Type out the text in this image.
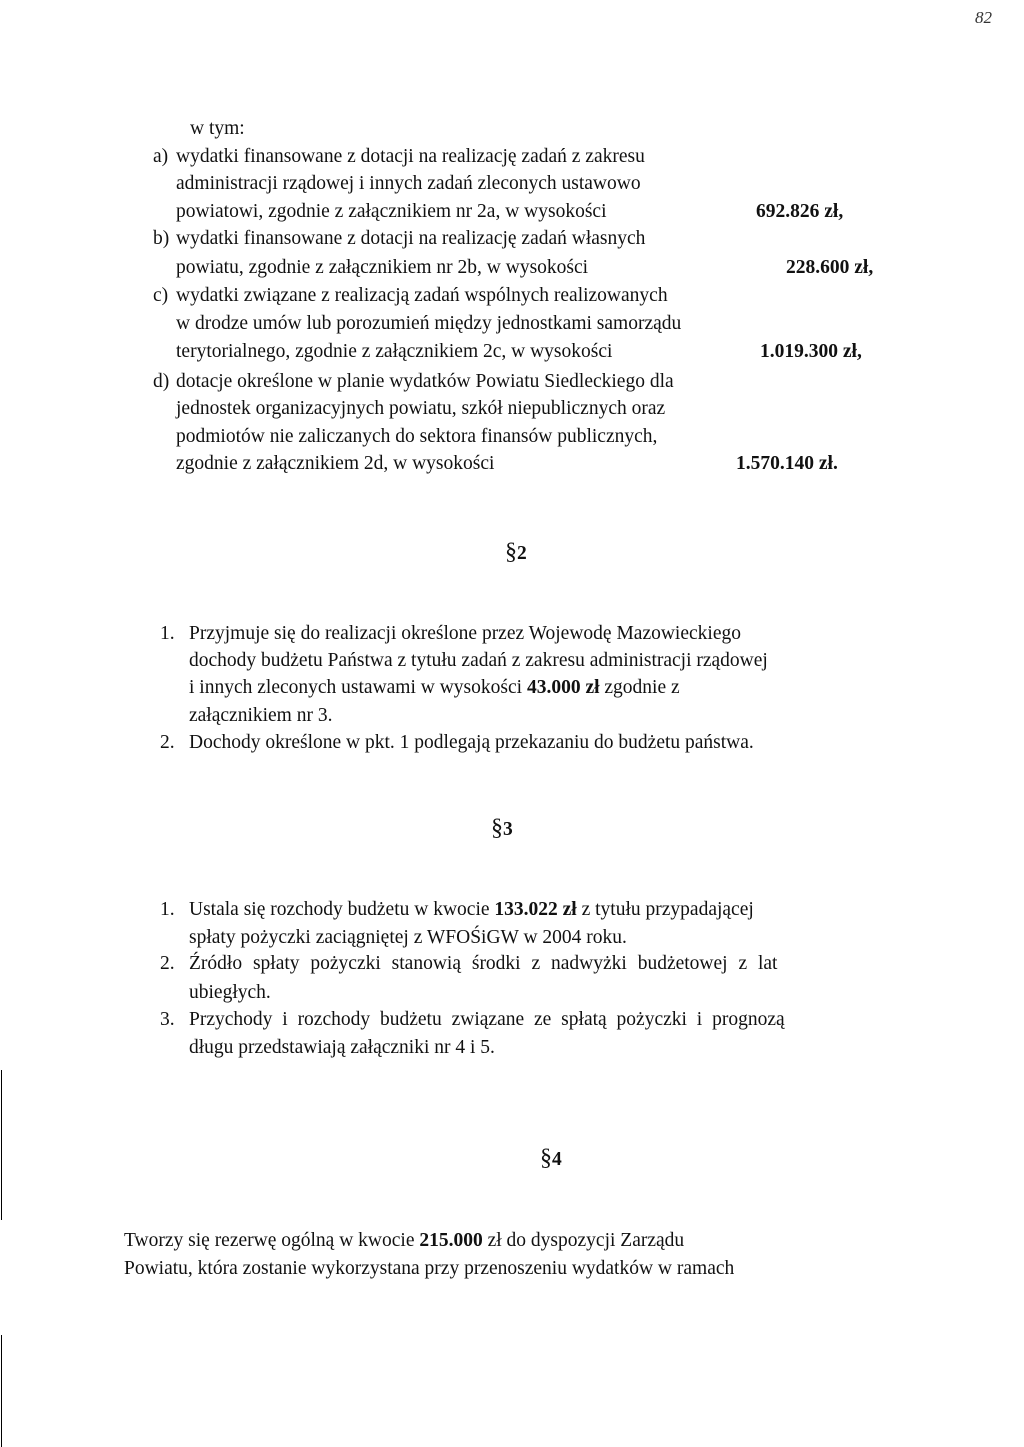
82
w tym:
a) wydatki finansowane z dotacji na realizację zadań z zakresu
administracji rządowej i innych zadań zleconych ustawowo
powiatowi, zgodnie z załącznikiem nr 2a, w wysokości	692.826 zł,
b) wydatki finansowane z dotacji na realizację zadań własnych
powiatu, zgodnie z załącznikiem nr 2b, w wysokości	228.600 zł,
c) wydatki związane z realizacją zadań wspólnych realizowanych
w drodze umów lub porozumień między jednostkami samorządu
terytorialnego, zgodnie z załącznikiem 2c, w wysokości	1.019.300 zł,
d) dotacje określone w planie wydatków Powiatu Siedleckiego dla
jednostek organizacyjnych powiatu, szkół niepublicznych oraz
podmiotów nie zaliczanych do sektora finansów publicznych,
zgodnie z załącznikiem 2d, w wysokości	1.570.140 zł.
§2
1. Przyjmuje się do realizacji określone przez Wojewodę Mazowieckiego
dochody budżetu Państwa z tytułu zadań z zakresu administracji rządowej
i innych zleconych ustawami w wysokości 43.000 zł zgodnie z
załącznikiem nr 3.
2. Dochody określone w pkt. 1 podlegają przekazaniu do budżetu państwa.
§3
1. Ustala się rozchody budżetu w kwocie 133.022 zł z tytułu przypadającej
spłaty pożyczki zaciągniętej z WFOŚiGW w 2004 roku.
2. Źródło spłaty pożyczki stanowią środki z nadwyżki budżetowej z lat
ubiegłych.
3. Przychody i rozchody budżetu związane ze spłatą pożyczki i prognozą
długu przedstawiają załączniki nr 4 i 5.
§4
Tworzy się rezerwę ogólną w kwocie 215.000 zł do dyspozycji Zarządu
Powiatu, która zostanie wykorzystana przy przenoszeniu wydatków w ramach
